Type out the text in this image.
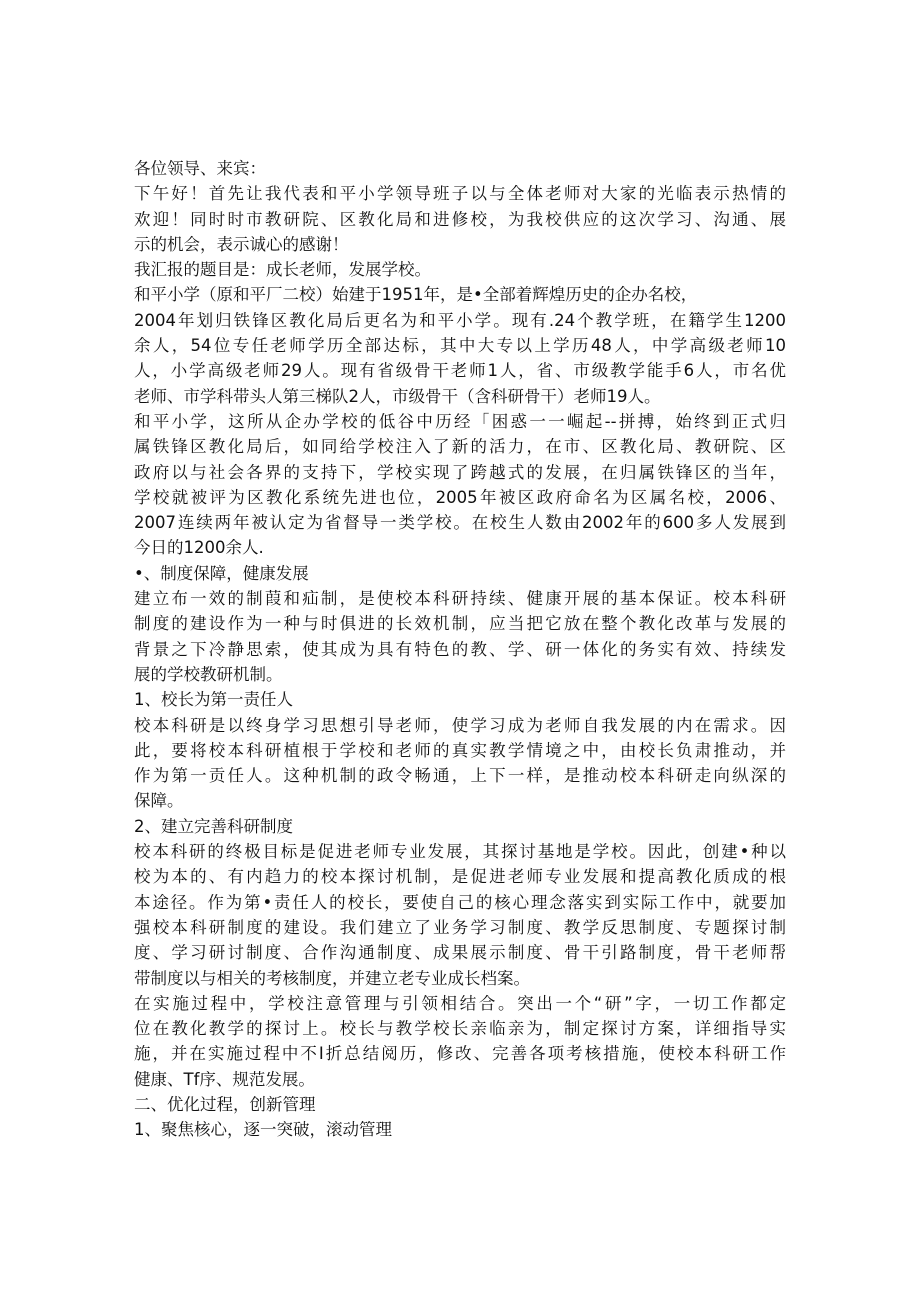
各位领导、来宾：
下午好！首先让我代表和平小学领导班子以与全体老师对大家的光临表示热情的
欢迎！同时时市教研院、区教化局和进修校，为我校供应的这次学习、沟通、展
示的机会，表示诚心的感谢！
我汇报的题目是：成长老师，发展学校。
和平小学（原和平厂二校）始建于1951年，是•全部着辉煌历史的企办名校，
2004年划归铁锋区教化局后更名为和平小学。现有.24个教学班，在籍学生1200
余人，54位专任老师学历全部达标，其中大专以上学历48人，中学高级老师10
人，小学高级老师29人。现有省级骨干老师1人，省、市级教学能手6人，市名优
老师、市学科带头人第三梯队2人，市级骨干（含科研骨干）老师19人。
和平小学，这所从企办学校的低谷中历经「困惑一一崛起--拼搏，始终到正式归
属铁锋区教化局后，如同给学校注入了新的活力，在市、区教化局、教研院、区
政府以与社会各界的支持下，学校实现了跨越式的发展，在归属铁锋区的当年，
学校就被评为区教化系统先进也位，2005年被区政府命名为区属名校，2006、
2007连续两年被认定为省督导一类学校。在校生人数由2002年的600多人发展到
今日的1200余人.
•、制度保障，健康发展
建立布一效的制葭和疝制，是使校本科研持续、健康开展的基本保证。校本科研
制度的建设作为一种与时俱进的长效机制，应当把它放在整个教化改革与发展的
背景之下冷静思索，使其成为具有特色的教、学、研一体化的务实有效、持续发
展的学校教研机制。
1、校长为第一责任人
校本科研是以终身学习思想引导老师，使学习成为老师自我发展的内在需求。因
此，要将校本科研植根于学校和老师的真实教学情境之中，由校长负肃推动，并
作为第一贡任人。这种机制的政令畅通，上下一样，是推动校本科研走向纵深的
保障。
2、建立完善科研制度
校本科研的终极目标是促进老师专业发展，其探讨基地是学校。因此，创建•种以
校为本的、有内趋力的校本探讨机制，是促进老师专业发展和提高教化质成的根
本途径。作为第•责任人的校长，要使自己的核心理念落实到实际工作中，就要加
强校本科研制度的建设。我们建立了业务学习制度、教学反思制度、专题探讨制
度、学习研讨制度、合作沟通制度、成果展示制度、骨干引路制度，骨干老师帮
带制度以与相关的考核制度，并建立老专业成长档案。
在实施过程中，学校注意管理与引领相结合。突出一个“研”字，一切工作都定
位在教化教学的探讨上。校长与教学校长亲临亲为，制定探讨方案，详细指导实
施，并在实施过程中不I折总结阅历，修改、完善各项考核措施，使校本科研工作
健康、Tf序、规范发展。
二、优化过程，创新管理
1、聚焦核心，逐一突破，滚动管理
